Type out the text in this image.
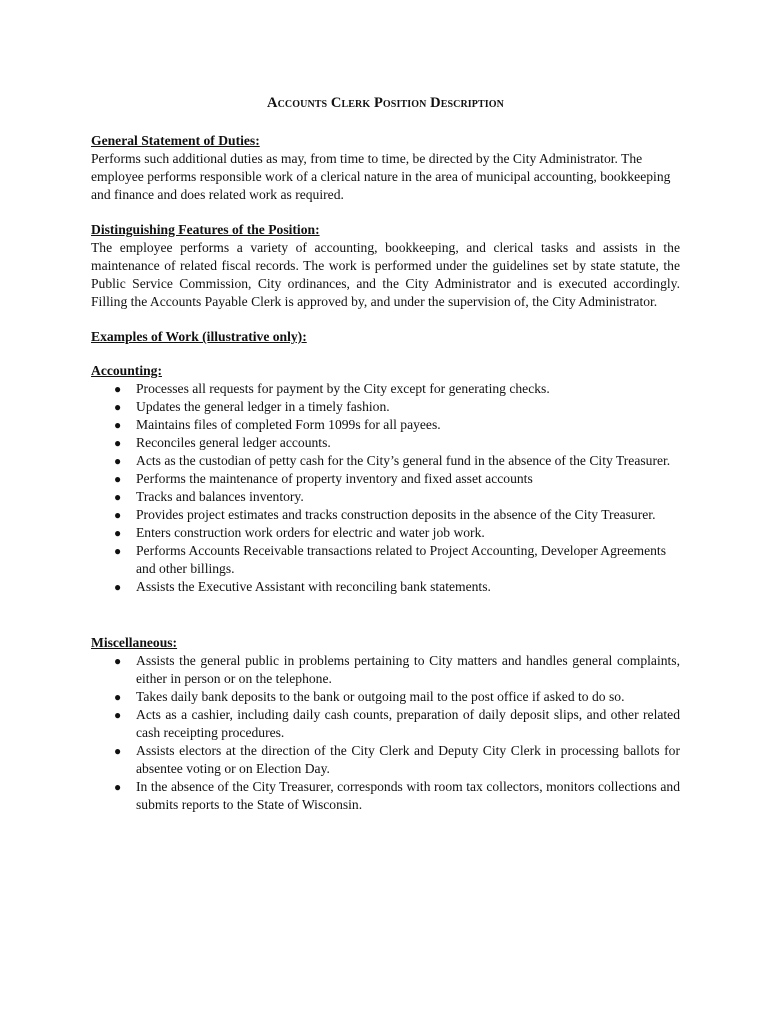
Accounts Clerk Position Description
General Statement of Duties:

Performs such additional duties as may, from time to time, be directed by the City Administrator. The employee performs responsible work of a clerical nature in the area of municipal accounting, bookkeeping and finance and does related work as required.

Distinguishing Features of the Position:

The employee performs a variety of accounting, bookkeeping, and clerical tasks and assists in the maintenance of related fiscal records. The work is performed under the guidelines set by state statute, the Public Service Commission, City ordinances, and the City Administrator and is executed accordingly. Filling the Accounts Payable Clerk is approved by, and under the supervision of, the City Administrator.

Examples of Work (illustrative only):
Accounting:
● Processes all requests for payment by the City except for generating checks.
● Updates the general ledger in a timely fashion.
● Maintains files of completed Form 1099s for all payees.
● Reconciles general ledger accounts.
● Acts as the custodian of petty cash for the City’s general fund in the absence of the City Treasurer.
● Performs the maintenance of property inventory and fixed asset accounts
● Tracks and balances inventory.
● Provides project estimates and tracks construction deposits in the absence of the City Treasurer.
● Enters construction work orders for electric and water job work.
● Performs Accounts Receivable transactions related to Project Accounting, Developer Agreements and other billings.
● Assists the Executive Assistant with reconciling bank statements.
Miscellaneous:
● Assists the general public in problems pertaining to City matters and handles general complaints, either in person or on the telephone.
● Takes daily bank deposits to the bank or outgoing mail to the post office if asked to do so.
● Acts as a cashier, including daily cash counts, preparation of daily deposit slips, and other related cash receipting procedures.
● Assists electors at the direction of the City Clerk and Deputy City Clerk in processing ballots for absentee voting or on Election Day.
● In the absence of the City Treasurer, corresponds with room tax collectors, monitors collections and submits reports to the State of Wisconsin.
